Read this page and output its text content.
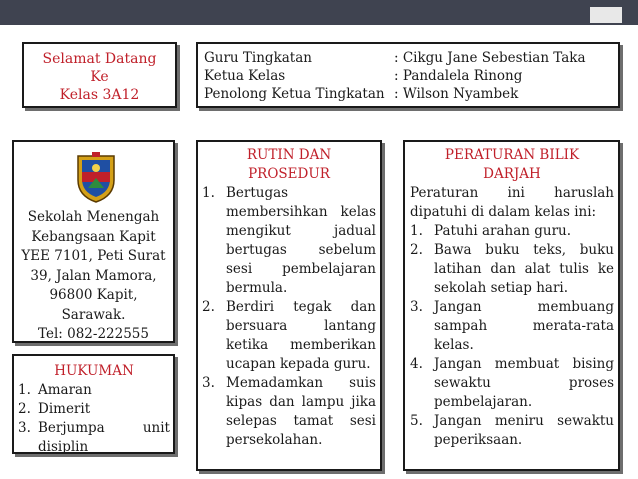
Selamat Datang
Ke
Kelas 3A12
Guru Tingkatan	: Cikgu Jane Sebestian Taka
Ketua Kelas	: Pandalela Rinong
Penolong Ketua Tingkatan : Wilson Nyambek
Sekolah Menengah
Kebangsaan Kapit
YEE 7101, Peti Surat
39, Jalan Mamora,
96800 Kapit,
Sarawak.
Tel: 082-222555
HUKUMAN
1. Amaran
2. Dimerit
3. Berjumpa unit disiplin
RUTIN DAN
PROSEDUR
1. Bertugas membersihkan kelas mengikut jadual bertugas sebelum sesi pembelajaran bermula.
2. Berdiri tegak dan bersuara lantang ketika memberikan ucapan kepada guru.
3. Memadamkan suis kipas dan lampu jika selepas tamat sesi persekolahan.
PERATURAN BILIK
DARJAH
Peraturan ini haruslah dipatuhi di dalam kelas ini:
1. Patuhi arahan guru.
2. Bawa buku teks, buku latihan dan alat tulis ke sekolah setiap hari.
3. Jangan membuang sampah merata-rata kelas.
4. Jangan membuat bising sewaktu proses pembelajaran.
5. Jangan meniru sewaktu peperiksaan.
